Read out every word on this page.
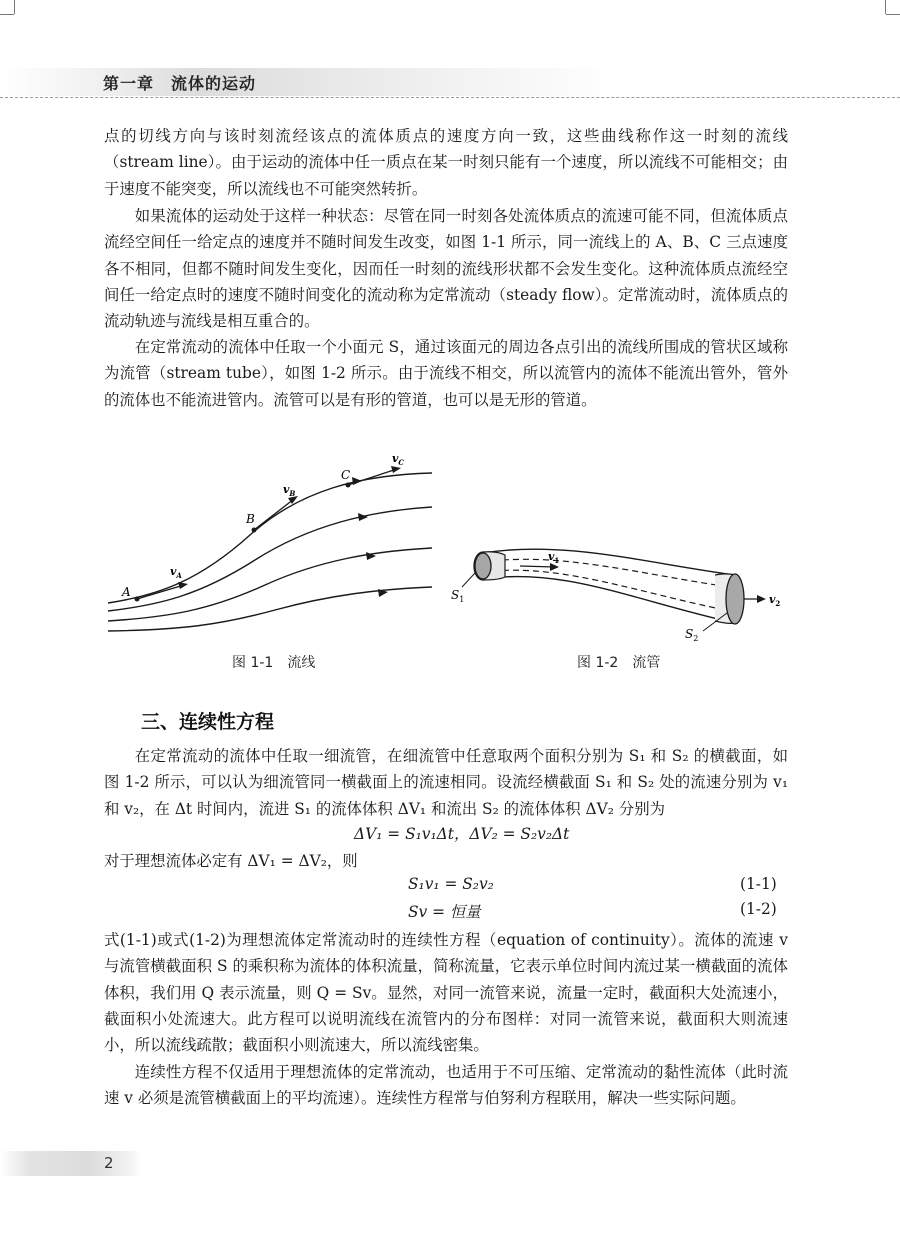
第一章　流体的运动
点的切线方向与该时刻流经该点的流体质点的速度方向一致，这些曲线称作这一时刻的流线（stream line）。由于运动的流体中任一质点在某一时刻只能有一个速度，所以流线不可能相交；由于速度不能突变，所以流线也不可能突然转折。
如果流体的运动处于这样一种状态：尽管在同一时刻各处流体质点的流速可能不同，但流体质点流经空间任一给定点的速度并不随时间发生改变，如图 1-1 所示，同一流线上的 A、B、C 三点速度各不相同，但都不随时间发生变化，因而任一时刻的流线形状都不会发生变化。这种流体质点流经空间任一给定点时的速度不随时间变化的流动称为定常流动（steady flow）。定常流动时，流体质点的流动轨迹与流线是相互重合的。
在定常流动的流体中任取一个小面元 S，通过该面元的周边各点引出的流线所围成的管状区域称为流管（stream tube），如图 1-2 所示。由于流线不相交，所以流管内的流体不能流出管外，管外的流体也不能流进管内。流管可以是有形的管道，也可以是无形的管道。
A
B
C
$v_A$
$v_B$
$v_C$
$S_1$
$S_2$
$v_1$
$v_2$
图 1-1　流线	图 1-2　流管
三、连续性方程
在定常流动的流体中任取一细流管，在细流管中任意取两个面积分别为 S₁ 和 S₂ 的横截面，如图 1-2 所示，可以认为细流管同一横截面上的流速相同。设流经横截面 S₁ 和 S₂ 处的流速分别为 v₁ 和 v₂，在 Δt 时间内，流进 S₁ 的流体体积 ΔV₁ 和流出 S₂ 的流体体积 ΔV₂ 分别为
ΔV₁ = S₁v₁Δt，ΔV₂ = S₂v₂Δt
对于理想流体必定有 ΔV₁ = ΔV₂，则
S₁v₁ = S₂v₂	(1-1)
Sv = 恒量	(1-2)
式(1-1)或式(1-2)为理想流体定常流动时的连续性方程（equation of continuity）。流体的流速 v 与流管横截面积 S 的乘积称为流体的体积流量，简称流量，它表示单位时间内流过某一横截面的流体体积，我们用 Q 表示流量，则 Q = Sv。显然，对同一流管来说，流量一定时，截面积大处流速小，截面积小处流速大。此方程可以说明流线在流管内的分布图样：对同一流管来说，截面积大则流速小，所以流线疏散；截面积小则流速大，所以流线密集。
连续性方程不仅适用于理想流体的定常流动，也适用于不可压缩、定常流动的黏性流体（此时流速 v 必须是流管横截面上的平均流速）。连续性方程常与伯努利方程联用，解决一些实际问题。
2
